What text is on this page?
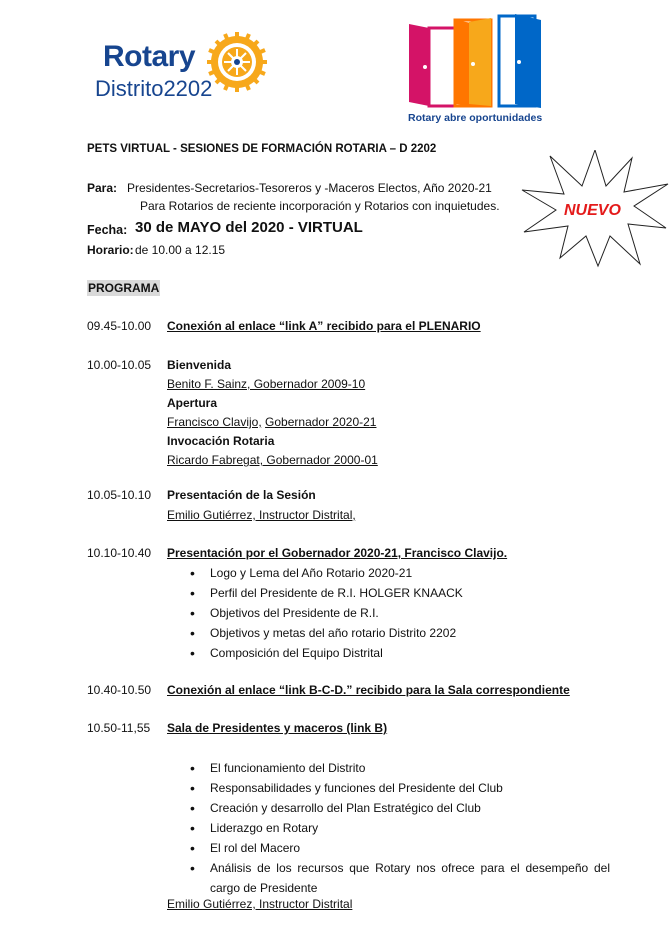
Rotary
Distrito2202
Rotary abre oportunidades
NUEVO
PETS VIRTUAL - SESIONES DE FORMACIÓN ROTARIA – D 2202
Para: Presidentes-Secretarios-Tesoreros y -Maceros Electos, Año 2020-21
Para Rotarios de reciente incorporación y Rotarios con inquietudes.
Fecha: 30 de MAYO del 2020 - VIRTUAL
Horario: de 10.00 a 12.15
PROGRAMA
09.45-10.00 Conexión al enlace “link A” recibido para el PLENARIO
10.00-10.05 Bienvenida
Benito F. Sainz, Gobernador 2009-10
Apertura
Francisco Clavijo, Gobernador 2020-21
Invocación Rotaria
Ricardo Fabregat, Gobernador 2000-01
10.05-10.10 Presentación de la Sesión
Emilio Gutiérrez, Instructor Distrital,
10.10-10.40 Presentación por el Gobernador 2020-21, Francisco Clavijo.
• Logo y Lema del Año Rotario 2020-21
• Perfil del Presidente de R.I. HOLGER KNAACK
• Objetivos del Presidente de R.I.
• Objetivos y metas del año rotario Distrito 2202
• Composición del Equipo Distrital
10.40-10.50 Conexión al enlace “link B-C-D.” recibido para la Sala correspondiente
10.50-11,55 Sala de Presidentes y maceros (link B)
• El funcionamiento del Distrito
• Responsabilidades y funciones del Presidente del Club
• Creación y desarrollo del Plan Estratégico del Club
• Liderazgo en Rotary
• El rol del Macero
• Análisis de los recursos que Rotary nos ofrece para el desempeño del cargo de Presidente
Emilio Gutiérrez, Instructor Distrital
